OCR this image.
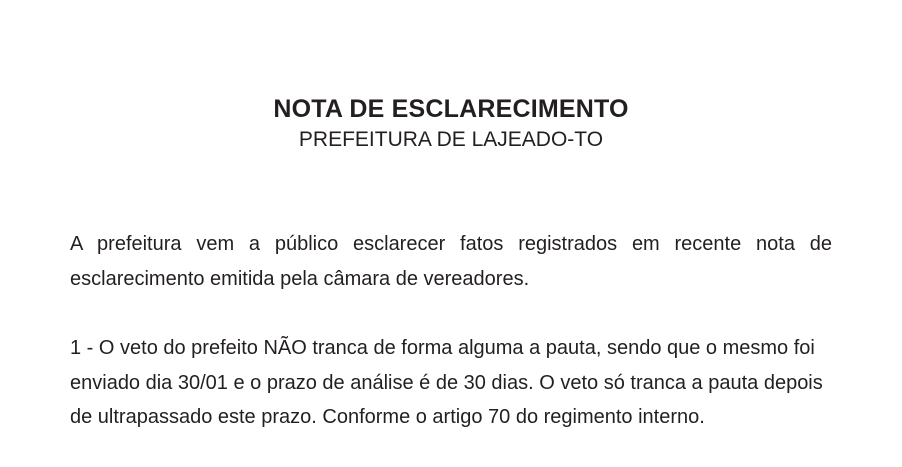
NOTA DE ESCLARECIMENTO
PREFEITURA DE LAJEADO-TO

A prefeitura vem a público esclarecer fatos registrados em recente nota de esclarecimento emitida pela câmara de vereadores.

1 - O veto do prefeito NÃO tranca de forma alguma a pauta, sendo que o mesmo foi enviado dia 30/01 e o prazo de análise é de 30 dias. O veto só tranca a pauta depois de ultrapassado este prazo. Conforme o artigo 70 do regimento interno.
